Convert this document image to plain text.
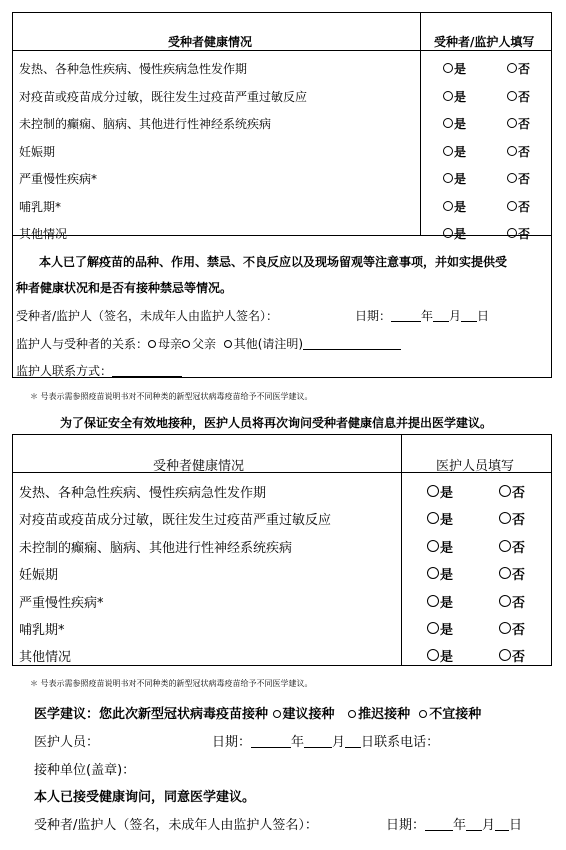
受种者健康情况	受种者/监护人填写
发热、各种急性疾病、慢性疾病急性发作期	是	否
对疫苗或疫苗成分过敏，既往发生过疫苗严重过敏反应	是	否
未控制的癫痫、脑病、其他进行性神经系统疾病	是	否
妊娠期	是	否
严重慢性疾病*	是	否
哺乳期*	是	否
其他情况	是	否
本人已了解疫苗的品种、作用、禁忌、不良反应以及现场留观等注意事项，并如实提供受
种者健康状况和是否有接种禁忌等情况。
受种者/监护人（签名，未成年人由监护人签名）：	日期：	年 月 日
监护人与受种者的关系： 母亲 父亲 其他(请注明)
监护人联系方式：
＊ 号表示需参照疫苗说明书对不同种类的新型冠状病毒疫苗给予不同医学建议。
为了保证安全有效地接种，医护人员将再次询问受种者健康信息并提出医学建议。
受种者健康情况	医护人员填写
发热、各种急性疾病、慢性疾病急性发作期	是	否
对疫苗或疫苗成分过敏，既往发生过疫苗严重过敏反应	是	否
未控制的癫痫、脑病、其他进行性神经系统疾病	是	否
妊娠期	是	否
严重慢性疾病*	是	否
哺乳期*	是	否
其他情况	是	否
＊ 号表示需参照疫苗说明书对不同种类的新型冠状病毒疫苗给予不同医学建议。
医学建议：您此次新型冠状病毒疫苗接种 建议接种 推迟接种 不宜接种
医护人员：	日期：	年 月 日联系电话：
接种单位(盖章)：
本人已接受健康询问，同意医学建议。
受种者/监护人（签名，未成年人由监护人签名）：	日期： 年 月 日
